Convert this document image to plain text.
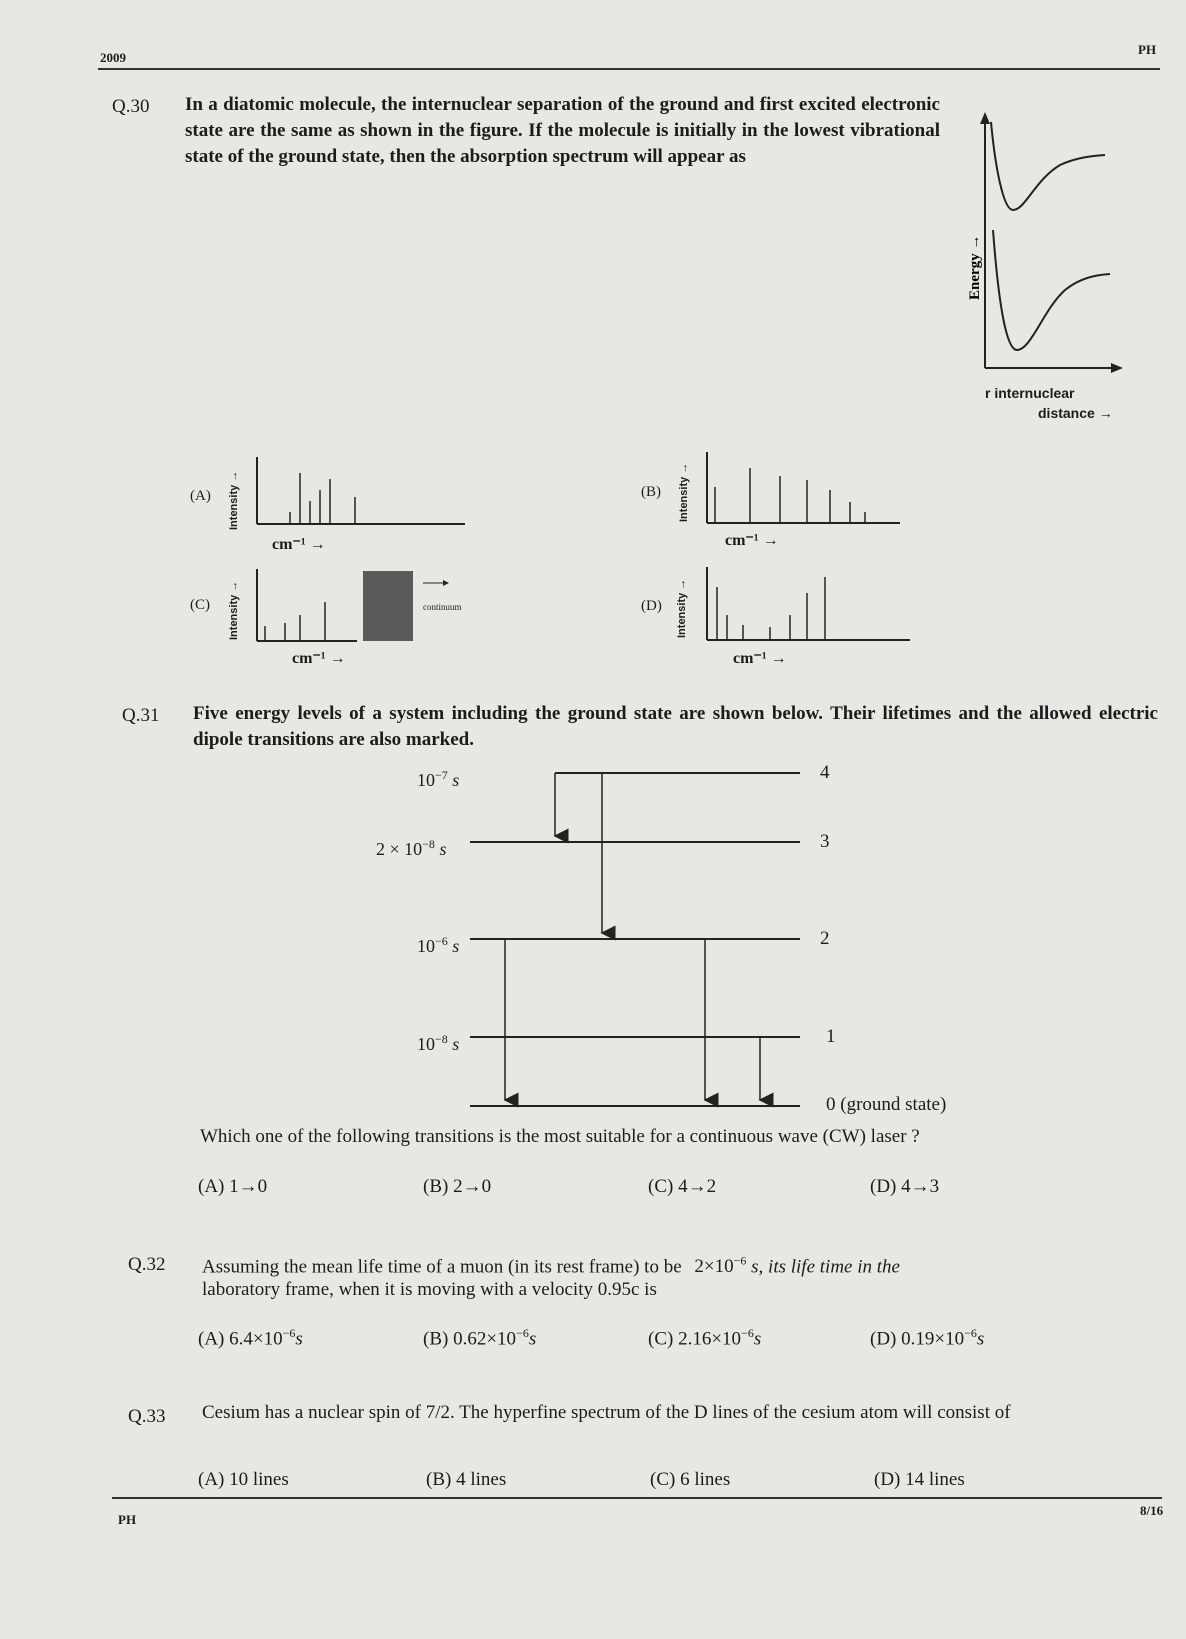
2009
PH
Q.30 In a diatomic molecule, the internuclear separation of the ground and first excited electronic state are the same as shown in the figure. If the molecule is initially in the lowest vibrational state of the ground state, then the absorption spectrum will appear as
Energy →
r internuclear
distance →
(A) Intensity →
cm⁻¹ →
(B) Intensity →
cm⁻¹ →
(C) Intensity →	continuum
cm⁻¹ →
(D) Intensity →
cm⁻¹ →
Q.31 Five energy levels of a system including the ground state are shown below. Their lifetimes and the allowed electric dipole transitions are also marked.
$10^{-7}$ s
$2 \times 10^{-8}$ s
$10^{-6}$ s
$10^{-8}$ s
4
3
2
1
0 (ground state)
Which one of the following transitions is the most suitable for a continuous wave (CW) laser ?
(A) 1→0	(B) 2→0	(C) 4→2	(D) 4→3
Q.32 Assuming the mean life time of a muon (in its rest frame) to be $2\times 10^{-6}$ s, its life time in the
laboratory frame, when it is moving with a velocity 0.95c is
(A) $6.4\times 10^{-6}s$	(B) $0.62\times 10^{-6}s$	(C) $2.16\times 10^{-6}s$	(D) $0.19\times 10^{-6}s$
Q.33 Cesium has a nuclear spin of 7/2. The hyperfine spectrum of the D lines of the cesium atom will consist of
(A) 10 lines	(B) 4 lines	(C) 6 lines	(D) 14 lines
PH
8/16
